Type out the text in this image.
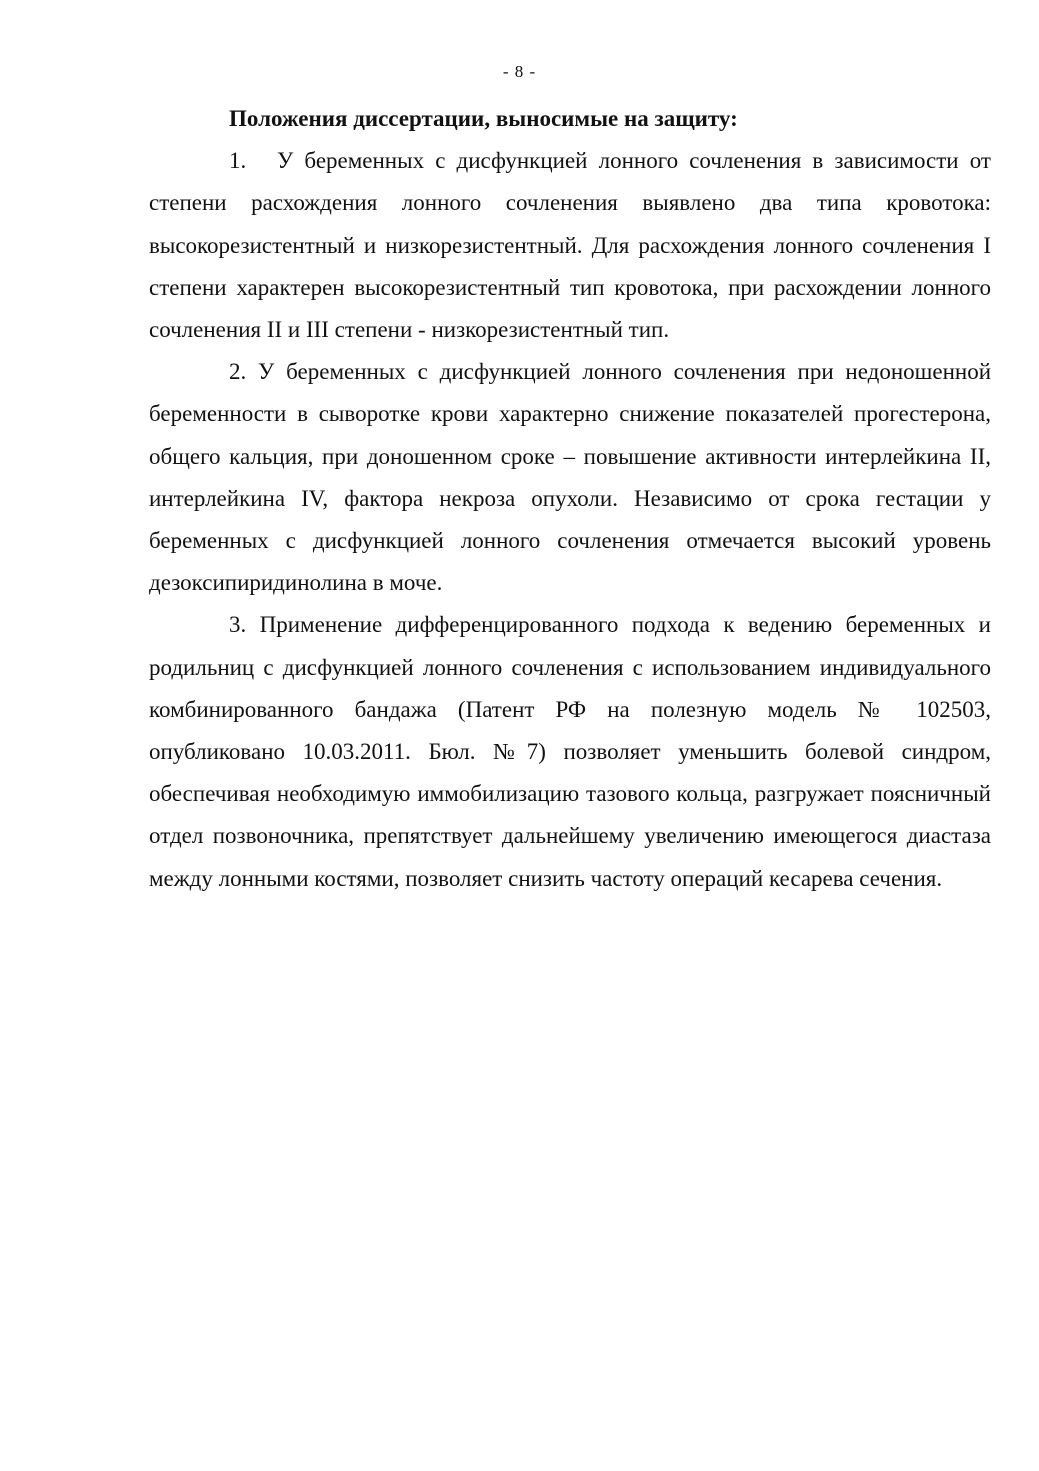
- 8 -

Положения диссертации, выносимые на защиту:

1. У беременных с дисфункцией лонного сочленения в зависимости от степени расхождения лонного сочленения выявлено два типа кровотока: высокорезистентный и низкорезистентный. Для расхождения лонного сочленения I степени характерен высокорезистентный тип кровотока, при расхождении лонного сочленения II и III степени - низкорезистентный тип.

2. У беременных с дисфункцией лонного сочленения при недоношенной беременности в сыворотке крови характерно снижение показателей прогестерона, общего кальция, при доношенном сроке – повышение активности интерлейкина II, интерлейкина IV, фактора некроза опухоли. Независимо от срока гестации у беременных с дисфункцией лонного сочленения отмечается высокий уровень дезоксипиридинолина в моче.

3. Применение дифференцированного подхода к ведению беременных и родильниц с дисфункцией лонного сочленения с использованием индивидуального комбинированного бандажа (Патент РФ на полезную модель № 102503, опубликовано 10.03.2011. Бюл. №7) позволяет уменьшить болевой синдром, обеспечивая необходимую иммобилизацию тазового кольца, разгружает поясничный отдел позвоночника, препятствует дальнейшему увеличению имеющегося диастаза между лонными костями, позволяет снизить частоту операций кесарева сечения.
